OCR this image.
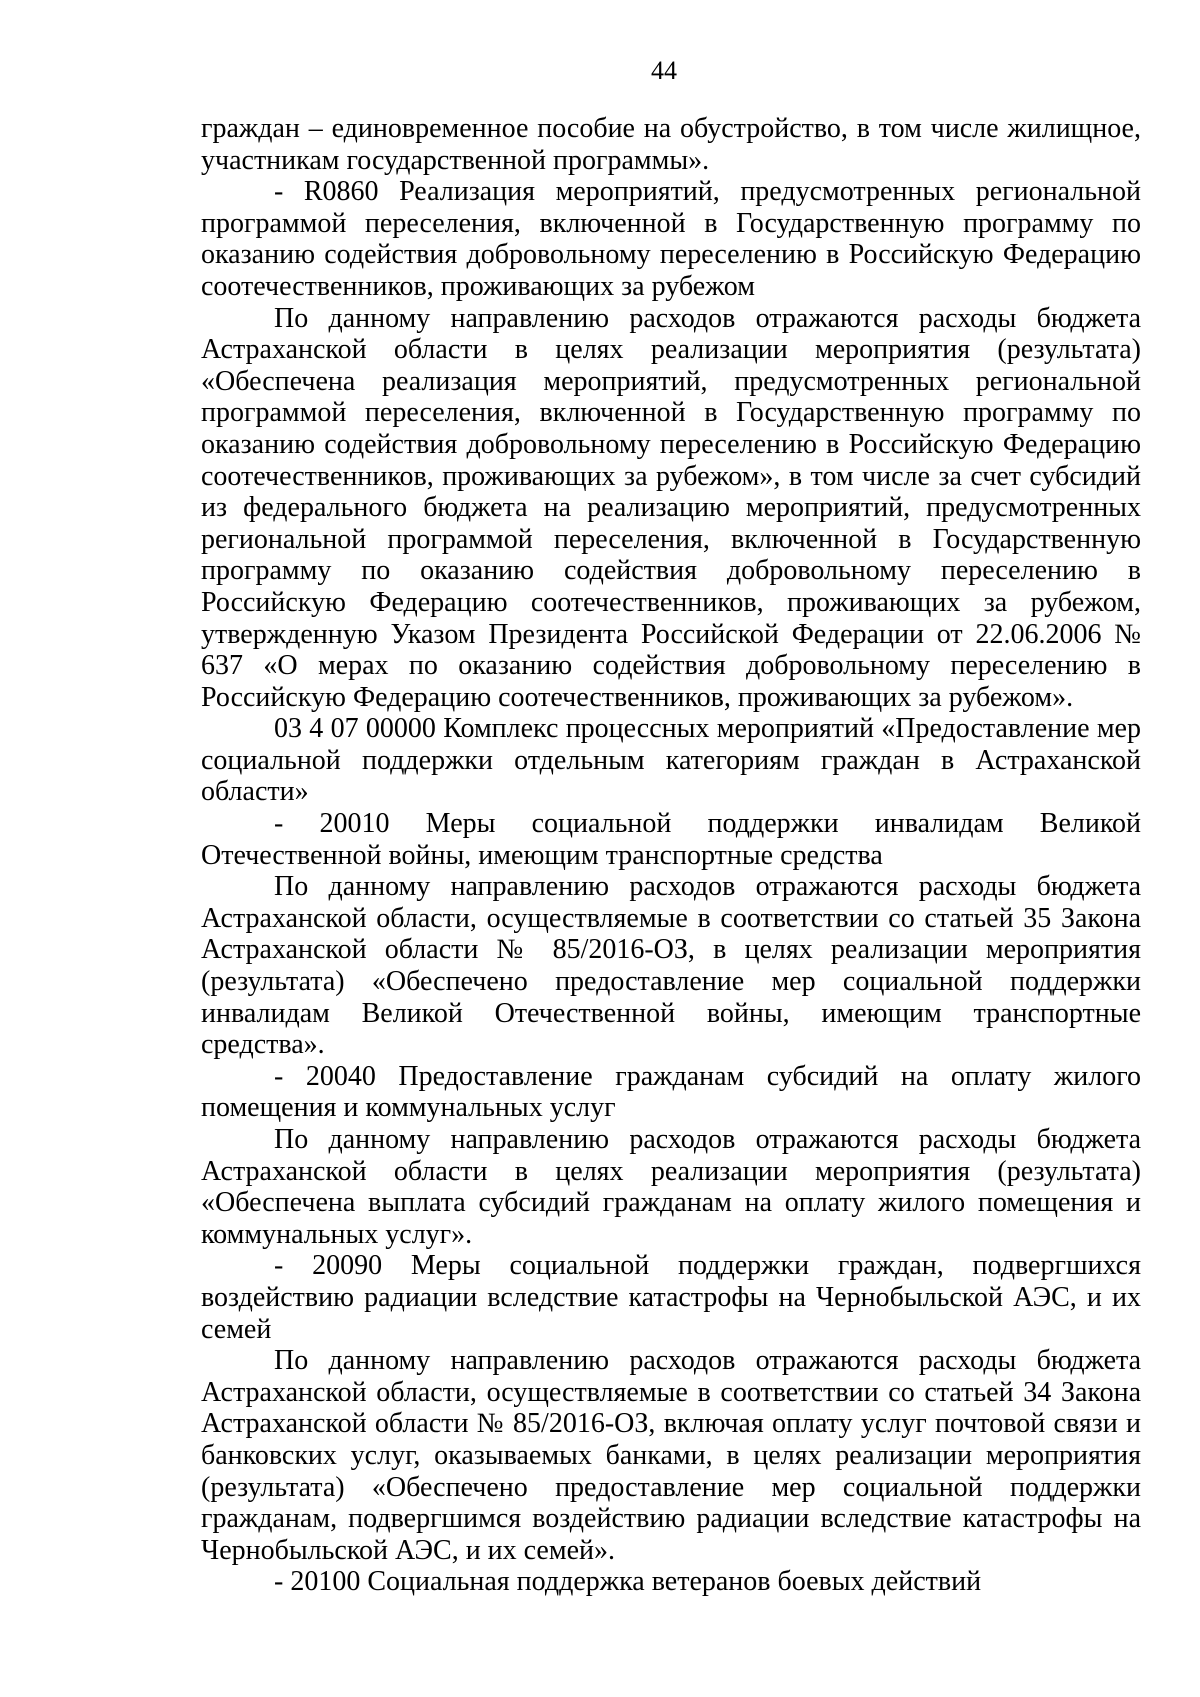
44

граждан – единовременное пособие на обустройство, в том числе жилищное, участникам государственной программы».

- R0860 Реализация мероприятий, предусмотренных региональной программой переселения, включенной в Государственную программу по оказанию содействия добровольному переселению в Российскую Федерацию соотечественников, проживающих за рубежом

По данному направлению расходов отражаются расходы бюджета Астраханской области в целях реализации мероприятия (результата) «Обеспечена реализация мероприятий, предусмотренных региональной программой переселения, включенной в Государственную программу по оказанию содействия добровольному переселению в Российскую Федерацию соотечественников, проживающих за рубежом», в том числе за счет субсидий из федерального бюджета на реализацию мероприятий, предусмотренных региональной программой переселения, включенной в Государственную программу по оказанию содействия добровольному переселению в Российскую Федерацию соотечественников, проживающих за рубежом, утвержденную Указом Президента Российской Федерации от 22.06.2006 № 637 «О мерах по оказанию содействия добровольному переселению в Российскую Федерацию соотечественников, проживающих за рубежом».

03 4 07 00000 Комплекс процессных мероприятий «Предоставление мер социальной поддержки отдельным категориям граждан в Астраханской области»

- 20010 Меры социальной поддержки инвалидам Великой Отечественной войны, имеющим транспортные средства

По данному направлению расходов отражаются расходы бюджета Астраханской области, осуществляемые в соответствии со статьей 35 Закона Астраханской области № 85/2016-ОЗ, в целях реализации мероприятия (результата) «Обеспечено предоставление мер социальной поддержки инвалидам Великой Отечественной войны, имеющим транспортные средства».

- 20040 Предоставление гражданам субсидий на оплату жилого помещения и коммунальных услуг

По данному направлению расходов отражаются расходы бюджета Астраханской области в целях реализации мероприятия (результата) «Обеспечена выплата субсидий гражданам на оплату жилого помещения и коммунальных услуг».

- 20090 Меры социальной поддержки граждан, подвергшихся воздействию радиации вследствие катастрофы на Чернобыльской АЭС, и их семей

По данному направлению расходов отражаются расходы бюджета Астраханской области, осуществляемые в соответствии со статьей 34 Закона Астраханской области № 85/2016-ОЗ, включая оплату услуг почтовой связи и банковских услуг, оказываемых банками, в целях реализации мероприятия (результата) «Обеспечено предоставление мер социальной поддержки гражданам, подвергшимся воздействию радиации вследствие катастрофы на Чернобыльской АЭС, и их семей».

- 20100 Социальная поддержка ветеранов боевых действий
